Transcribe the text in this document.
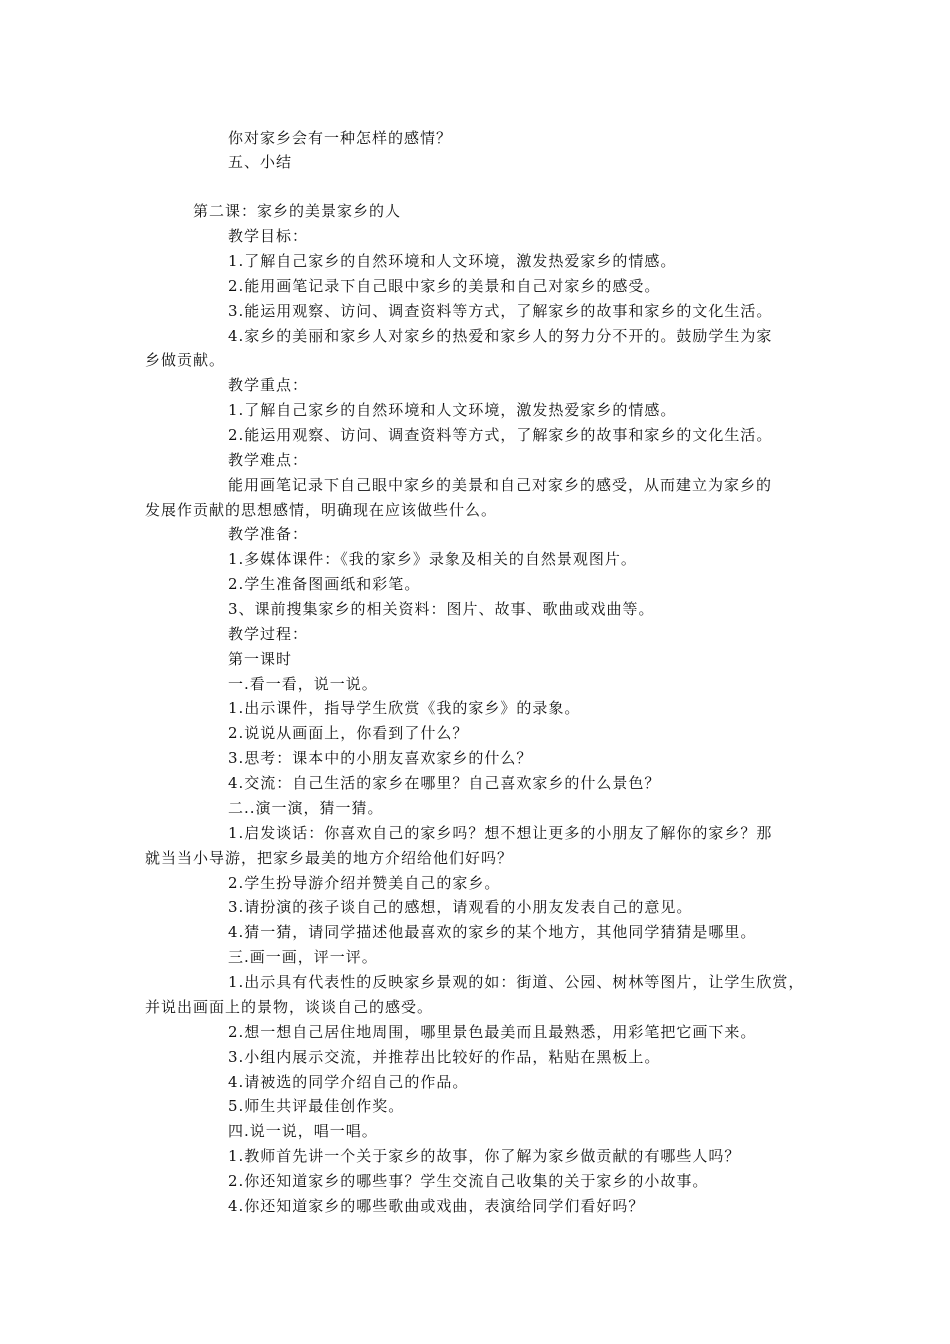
你对家乡会有一种怎样的感情？
五、小结
第二课：家乡的美景家乡的人
教学目标：
1.了解自己家乡的自然环境和人文环境，激发热爱家乡的情感。
2.能用画笔记录下自己眼中家乡的美景和自己对家乡的感受。
3.能运用观察、访问、调查资料等方式，了解家乡的故事和家乡的文化生活。
4.家乡的美丽和家乡人对家乡的热爱和家乡人的努力分不开的。鼓励学生为家
乡做贡献。
教学重点：
1.了解自己家乡的自然环境和人文环境，激发热爱家乡的情感。
2.能运用观察、访问、调查资料等方式，了解家乡的故事和家乡的文化生活。
教学难点：
能用画笔记录下自己眼中家乡的美景和自己对家乡的感受，从而建立为家乡的
发展作贡献的思想感情，明确现在应该做些什么。
教学准备：
1.多媒体课件：《我的家乡》录象及相关的自然景观图片。
2.学生准备图画纸和彩笔。
3、课前搜集家乡的相关资料：图片、故事、歌曲或戏曲等。
教学过程：
第一课时
一.看一看，说一说。
1.出示课件，指导学生欣赏《我的家乡》的录象。
2.说说从画面上，你看到了什么？
3.思考：课本中的小朋友喜欢家乡的什么？
4.交流：自己生活的家乡在哪里？自己喜欢家乡的什么景色？
二..演一演，猜一猜。
1.启发谈话：你喜欢自己的家乡吗？想不想让更多的小朋友了解你的家乡？那
就当当小导游，把家乡最美的地方介绍给他们好吗？
2.学生扮导游介绍并赞美自己的家乡。
3.请扮演的孩子谈自己的感想，请观看的小朋友发表自己的意见。
4.猜一猜，请同学描述他最喜欢的家乡的某个地方，其他同学猜猜是哪里。
三.画一画，评一评。
1.出示具有代表性的反映家乡景观的如：街道、公园、树林等图片，让学生欣赏，
并说出画面上的景物，谈谈自己的感受。
2.想一想自己居住地周围，哪里景色最美而且最熟悉，用彩笔把它画下来。
3.小组内展示交流，并推荐出比较好的作品，粘贴在黑板上。
4.请被选的同学介绍自己的作品。
5.师生共评最佳创作奖。
四.说一说，唱一唱。
1.教师首先讲一个关于家乡的故事，你了解为家乡做贡献的有哪些人吗？
2.你还知道家乡的哪些事？学生交流自己收集的关于家乡的小故事。
4.你还知道家乡的哪些歌曲或戏曲，表演给同学们看好吗？
